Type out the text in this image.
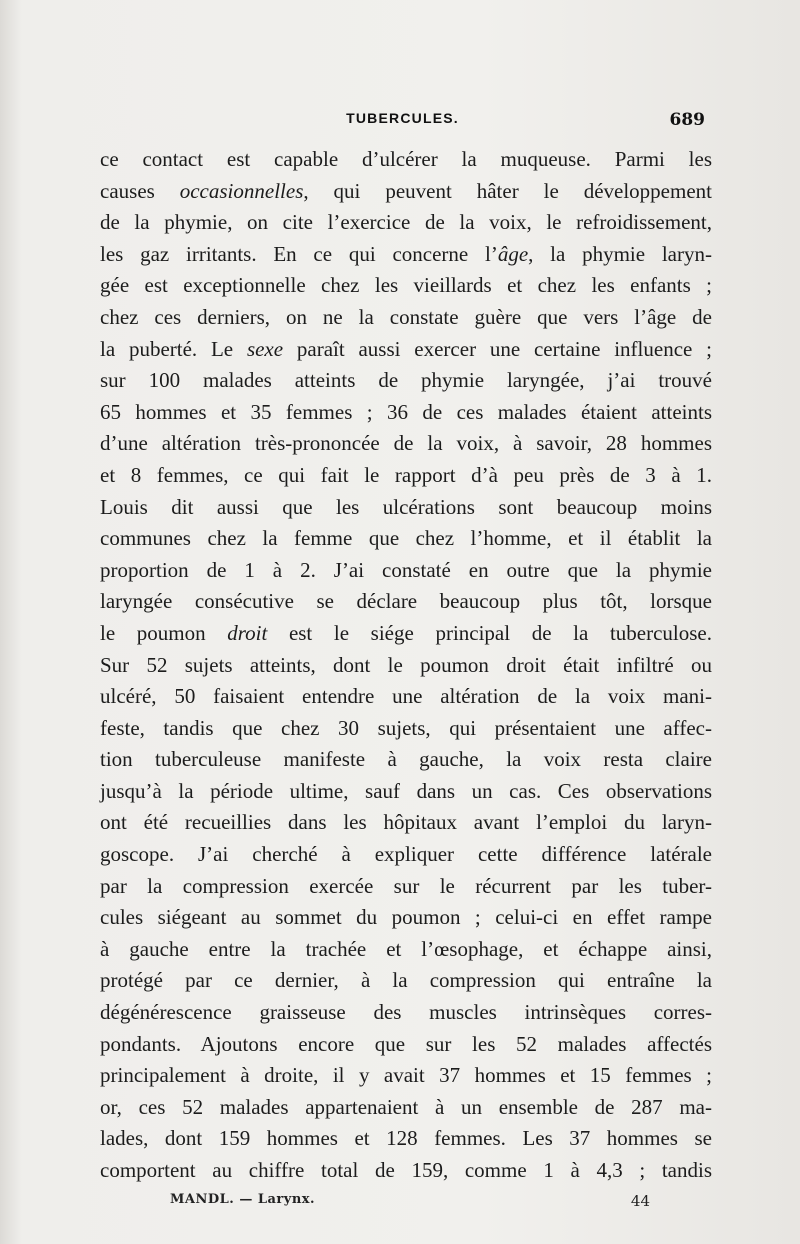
TUBERCULES.	689
ce contact est capable d’ulcérer la muqueuse. Parmi les
causes occasionnelles, qui peuvent hâter le développement
de la phymie, on cite l’exercice de la voix, le refroidissement,
les gaz irritants. En ce qui concerne l’âge, la phymie laryn-
gée est exceptionnelle chez les vieillards et chez les enfants ;
chez ces derniers, on ne la constate guère que vers l’âge de
la puberté. Le sexe paraît aussi exercer une certaine influence ;
sur 100 malades atteints de phymie laryngée, j’ai trouvé
65 hommes et 35 femmes ; 36 de ces malades étaient atteints
d’une altération très-prononcée de la voix, à savoir, 28 hommes
et 8 femmes, ce qui fait le rapport d’à peu près de 3 à 1.
Louis dit aussi que les ulcérations sont beaucoup moins
communes chez la femme que chez l’homme, et il établit la
proportion de 1 à 2. J’ai constaté en outre que la phymie
laryngée consécutive se déclare beaucoup plus tôt, lorsque
le poumon droit est le siége principal de la tuberculose.
Sur 52 sujets atteints, dont le poumon droit était infiltré ou
ulcéré, 50 faisaient entendre une altération de la voix mani-
feste, tandis que chez 30 sujets, qui présentaient une affec-
tion tuberculeuse manifeste à gauche, la voix resta claire
jusqu’à la période ultime, sauf dans un cas. Ces observations
ont été recueillies dans les hôpitaux avant l’emploi du laryn-
goscope. J’ai cherché à expliquer cette différence latérale
par la compression exercée sur le récurrent par les tuber-
cules siégeant au sommet du poumon ; celui-ci en effet rampe
à gauche entre la trachée et l’œsophage, et échappe ainsi,
protégé par ce dernier, à la compression qui entraîne la
dégénérescence graisseuse des muscles intrinsèques corres-
pondants. Ajoutons encore que sur les 52 malades affectés
principalement à droite, il y avait 37 hommes et 15 femmes ;
or, ces 52 malades appartenaient à un ensemble de 287 ma-
lades, dont 159 hommes et 128 femmes. Les 37 hommes se
comportent au chiffre total de 159, comme 1 à 4,3 ; tandis
MANDL. — Larynx.	44
